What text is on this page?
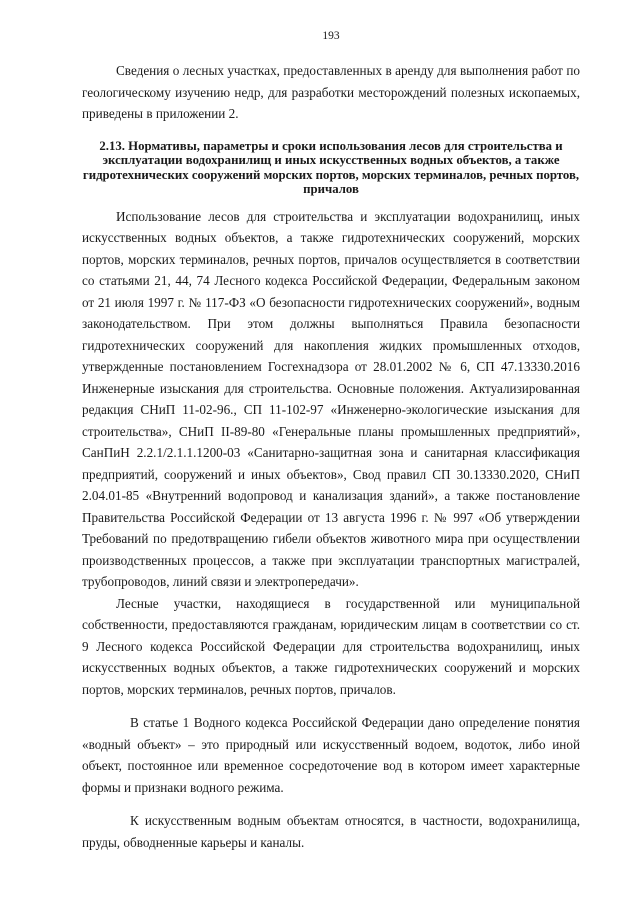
193

Сведения о лесных участках, предоставленных в аренду для выполнения работ по геологическому изучению недр, для разработки месторождений полезных ископаемых, приведены в приложении 2.

2.13. Нормативы, параметры и сроки использования лесов для строительства и эксплуатации водохранилищ и иных искусственных водных объектов, а также гидротехнических сооружений морских портов, морских терминалов, речных портов, причалов

Использование лесов для строительства и эксплуатации водохранилищ, иных искусственных водных объектов, а также гидротехнических сооружений, морских портов, морских терминалов, речных портов, причалов осуществляется в соответствии со статьями 21, 44, 74 Лесного кодекса Российской Федерации, Федеральным законом от 21 июля 1997 г. № 117-ФЗ «О безопасности гидротехнических сооружений», водным законодательством. При этом должны выполняться Правила безопасности гидротехнических сооружений для накопления жидких промышленных отходов, утвержденные постановлением Госгехнадзора от 28.01.2002 № 6, СП 47.13330.2016 Инженерные изыскания для строительства. Основные положения. Актуализированная редакция СНиП 11-02-96., СП 11-102-97 «Инженерно-экологические изыскания для строительства», СНиП II-89-80 «Генеральные планы промышленных предприятий», СанПиН 2.2.1/2.1.1.1200-03 «Санитарно-защитная зона и санитарная классификация предприятий, сооружений и иных объектов», Свод правил СП 30.13330.2020, СНиП 2.04.01-85 «Внутренний водопровод и канализация зданий», а также постановление Правительства Российской Федерации от 13 августа 1996 г. № 997 «Об утверждении Требований по предотвращению гибели объектов животного мира при осуществлении производственных процессов, а также при эксплуатации транспортных магистралей, трубопроводов, линий связи и электропередачи».

Лесные участки, находящиеся в государственной или муниципальной собственности, предоставляются гражданам, юридическим лицам в соответствии со ст. 9 Лесного кодекса Российской Федерации для строительства водохранилищ, иных искусственных водных объектов, а также гидротехнических сооружений и морских портов, морских терминалов, речных портов, причалов.

В статье 1 Водного кодекса Российской Федерации дано определение понятия «водный объект» – это природный или искусственный водоем, водоток, либо иной объект, постоянное или временное сосредоточение вод в котором имеет характерные формы и признаки водного режима.

К искусственным водным объектам относятся, в частности, водохранилища, пруды, обводненные карьеры и каналы.
